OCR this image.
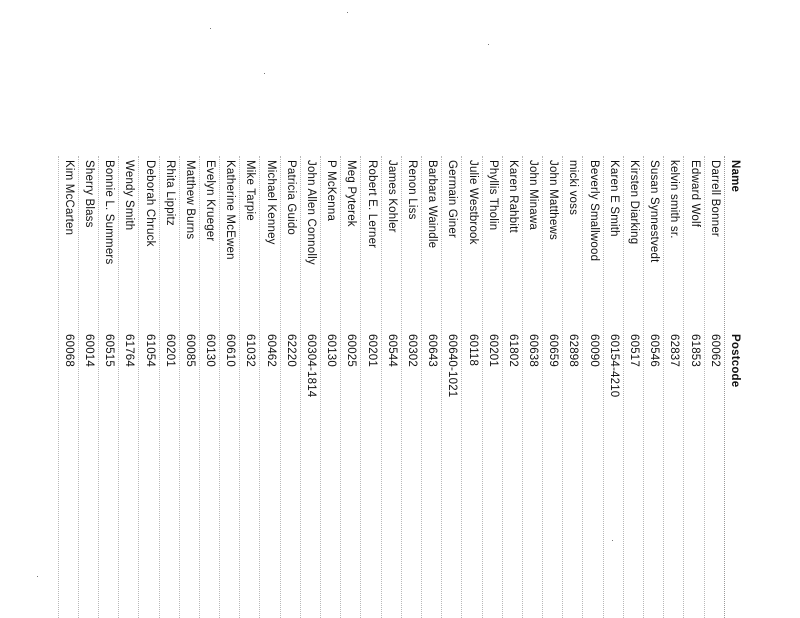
Name
Postcode
Darrell Bonner
60062
Edward Wolf
61853
kelvin smith sr.
62837
Susan Synnestvedt
60546
Kirsten Diarking
60517
Karen E Smith
60154-4210
Beverly Smallwood
60090
micki voss
62898
John Matthews
60659
John Minawa
60638
Karen Rahbitt
61802
Phyllis Tholin
60201
Julie Westbrook
60118
Germain Giner
60640-1021
Barbara Waindle
60643
Renon Liss
60302
James Kohler
60544
Robert E. Lerner
60201
Meg Pyterek
60025
P McKenna
60130
John Allen Connolly
60304-1814
Patricia Guido
62220
Michael Kenney
60462
Mike Tarpie
61032
Katherine McEwen
60610
Evelyn Krueger
60130
Matthew Burns
60085
Rhita Lippitz
60201
Deborah Chruck
61054
Wendy Smith
61764
Bonnie L. Summers
60515
Sherry Blass
60014
Kim McCarten
60068
